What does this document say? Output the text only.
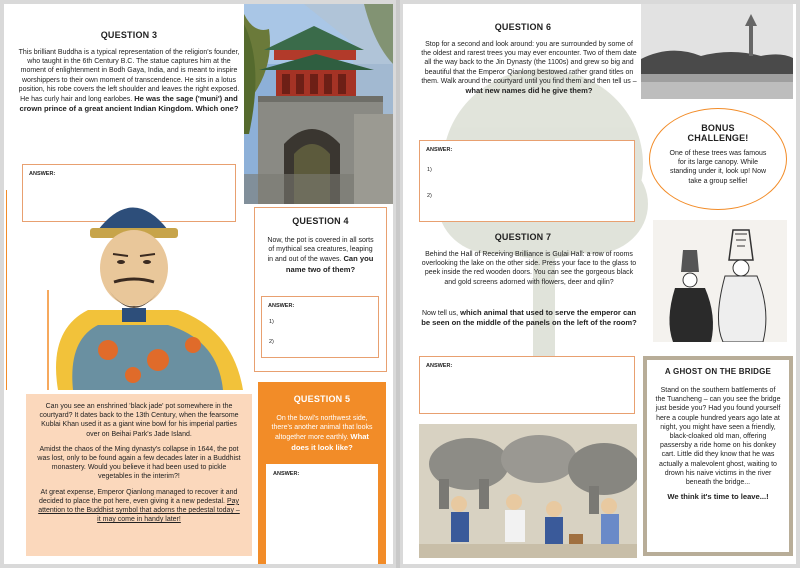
QUESTION 3
This brilliant Buddha is a typical representation of the religion's founder, who taught in the 6th Century B.C. The statue captures him at the moment of enlightenment in Bodh Gaya, India, and is meant to inspire worshippers to their own moment of transcendence. He sits in a lotus position, his robe covers the left shoulder and leaves the right exposed. He has curly hair and long earlobes. He was the sage ('muni') and crown prince of a great ancient Indian Kingdom. Which one?
ANSWER:
QUESTION 4
Now, the pot is covered in all sorts of mythical sea creatures, leaping in and out of the waves. Can you name two of them?
ANSWER:
1)
2)

Can you see an enshrined 'black jade' pot somewhere in the courtyard? It dates back to the 13th Century, when the fearsome Kublai Khan used it as a giant wine bowl for his imperial parties over on Beihai Park's Jade Island.

Amidst the chaos of the Ming dynasty's collapse in 1644, the pot was lost, only to be found again a few decades later in a Buddhist monastery. Would you believe it had been used to pickle vegetables in the interim?!

At great expense, Emperor Qianlong managed to recover it and decided to place the pot here, even giving it a new pedestal. Pay attention to the Buddhist symbol that adorns the pedestal today – it may come in handy later!

QUESTION 5
On the bowl's northwest side, there's another animal that looks altogether more earthly. What does it look like?
ANSWER:
QUESTION 6
Stop for a second and look around: you are surrounded by some of the oldest and rarest trees you may ever encounter. Two of them date all the way back to the Jin Dynasty (the 1100s) and grew so big and beautiful that the Emperor Qianlong bestowed rather grand titles on them. Walk around the courtyard until you find them and then tell us – what new names did he give them?
ANSWER:
1)
2)
QUESTION 7
Behind the Hall of Receiving Brilliance is Gulai Hall: a row of rooms overlooking the lake on the other side. Press your face to the glass to peek inside the red wooden doors. You can see the gorgeous black and gold screens adorned with flowers, deer and qilin?
Now tell us, which animal that used to serve the emperor can be seen on the middle of the panels on the left of the room?
ANSWER:
BONUS
CHALLENGE!
One of these trees was famous for its large canopy. While standing under it, look up! Now take a group selfie!
A GHOST ON THE BRIDGE
Stand on the southern battlements of the Tuancheng – can you see the bridge just beside you? Had you found yourself here a couple hundred years ago late at night, you might have seen a friendly, black-cloaked old man, offering passersby a ride home on his donkey cart. Little did they know that he was actually a malevolent ghost, waiting to drown his naive victims in the river beneath the bridge...
We think it's time to leave...!
